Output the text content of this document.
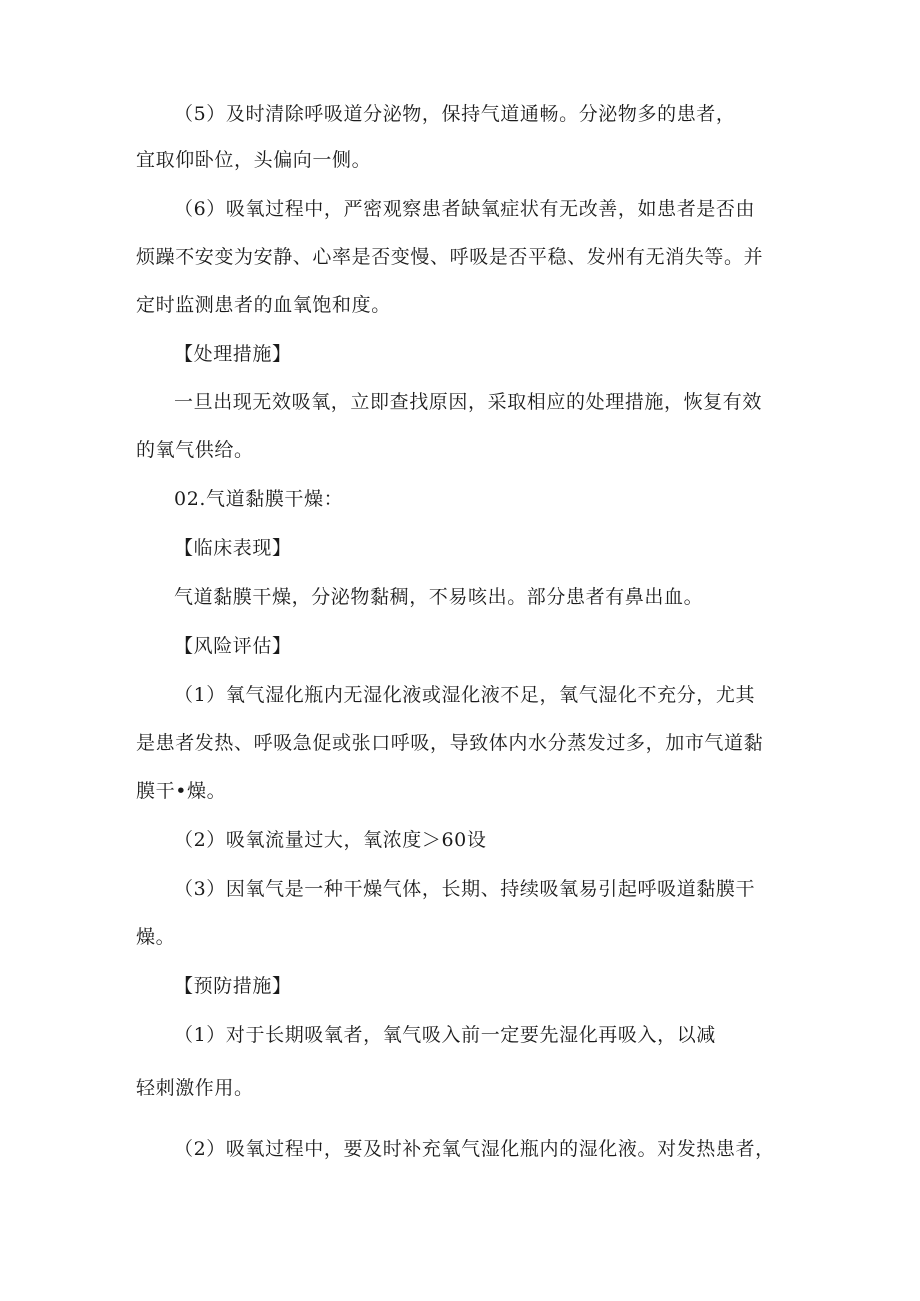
（5）及时清除呼吸道分泌物，保持气道通畅。分泌物多的患者，
宜取仰卧位，头偏向一侧。
（6）吸氧过程中，严密观察患者缺氧症状有无改善，如患者是否由
烦躁不安变为安静、心率是否变慢、呼吸是否平稳、发州有无消失等。并
定时监测患者的血氧饱和度。
【处理措施】
一旦出现无效吸氧，立即查找原因，采取相应的处理措施，恢复有效
的氧气供给。
02.气道黏膜干燥：
【临床表现】
气道黏膜干燥，分泌物黏稠，不易咳出。部分患者有鼻出血。
【风险评估】
（1）氧气湿化瓶内无湿化液或湿化液不足，氧气湿化不充分，尤其
是患者发热、呼吸急促或张口呼吸，导致体内水分蒸发过多，加市气道黏
膜干•燥。
（2）吸氧流量过大，氧浓度＞60设
（3）因氧气是一种干燥气体，长期、持续吸氧易引起呼吸道黏膜干
燥。
【预防措施】
（1）对于长期吸氧者，氧气吸入前一定要先湿化再吸入，以减
轻刺激作用。
（2）吸氧过程中，要及时补充氧气湿化瓶内的湿化液。对发热患者，
